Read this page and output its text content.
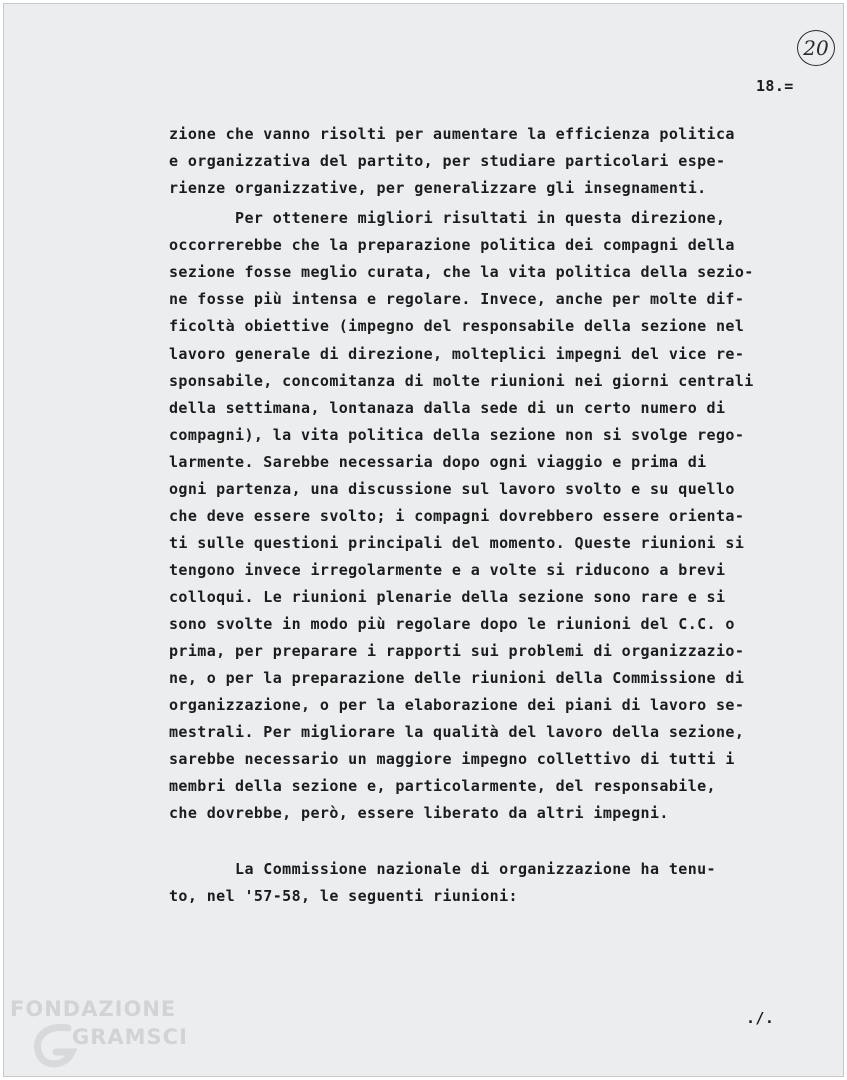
20
18.=
zione che vanno risolti per aumentare la efficienza politica
e organizzativa del partito, per studiare particolari espe-
rienze organizzative, per generalizzare gli insegnamenti.
Per ottenere migliori risultati in questa direzione,
occorrerebbe che la preparazione politica dei compagni della
sezione fosse meglio curata, che la vita politica della sezio-
ne fosse più intensa e regolare. Invece, anche per molte dif-
ficoltà obiettive (impegno del responsabile della sezione nel
lavoro generale di direzione, molteplici impegni del vice re-
sponsabile, concomitanza di molte riunioni nei giorni centrali
della settimana, lontanaza dalla sede di un certo numero di
compagni), la vita politica della sezione non si svolge rego-
larmente. Sarebbe necessaria dopo ogni viaggio e prima di
ogni partenza, una discussione sul lavoro svolto e su quello
che deve essere svolto; i compagni dovrebbero essere orienta-
ti sulle questioni principali del momento. Queste riunioni si
tengono invece irregolarmente e a volte si riducono a brevi
colloqui. Le riunioni plenarie della sezione sono rare e si
sono svolte in modo più regolare dopo le riunioni del C.C. o
prima, per preparare i rapporti sui problemi di organizzazio-
ne, o per la preparazione delle riunioni della Commissione di
organizzazione, o per la elaborazione dei piani di lavoro se-
mestrali. Per migliorare la qualità del lavoro della sezione,
sarebbe necessario un maggiore impegno collettivo di tutti i
membri della sezione e, particolarmente, del responsabile,
che dovrebbe, però, essere liberato da altri impegni.
La Commissione nazionale di organizzazione ha tenu-
to, nel '57-58, le seguenti riunioni:
FONDAZIONE
GRAMSCI
./.
